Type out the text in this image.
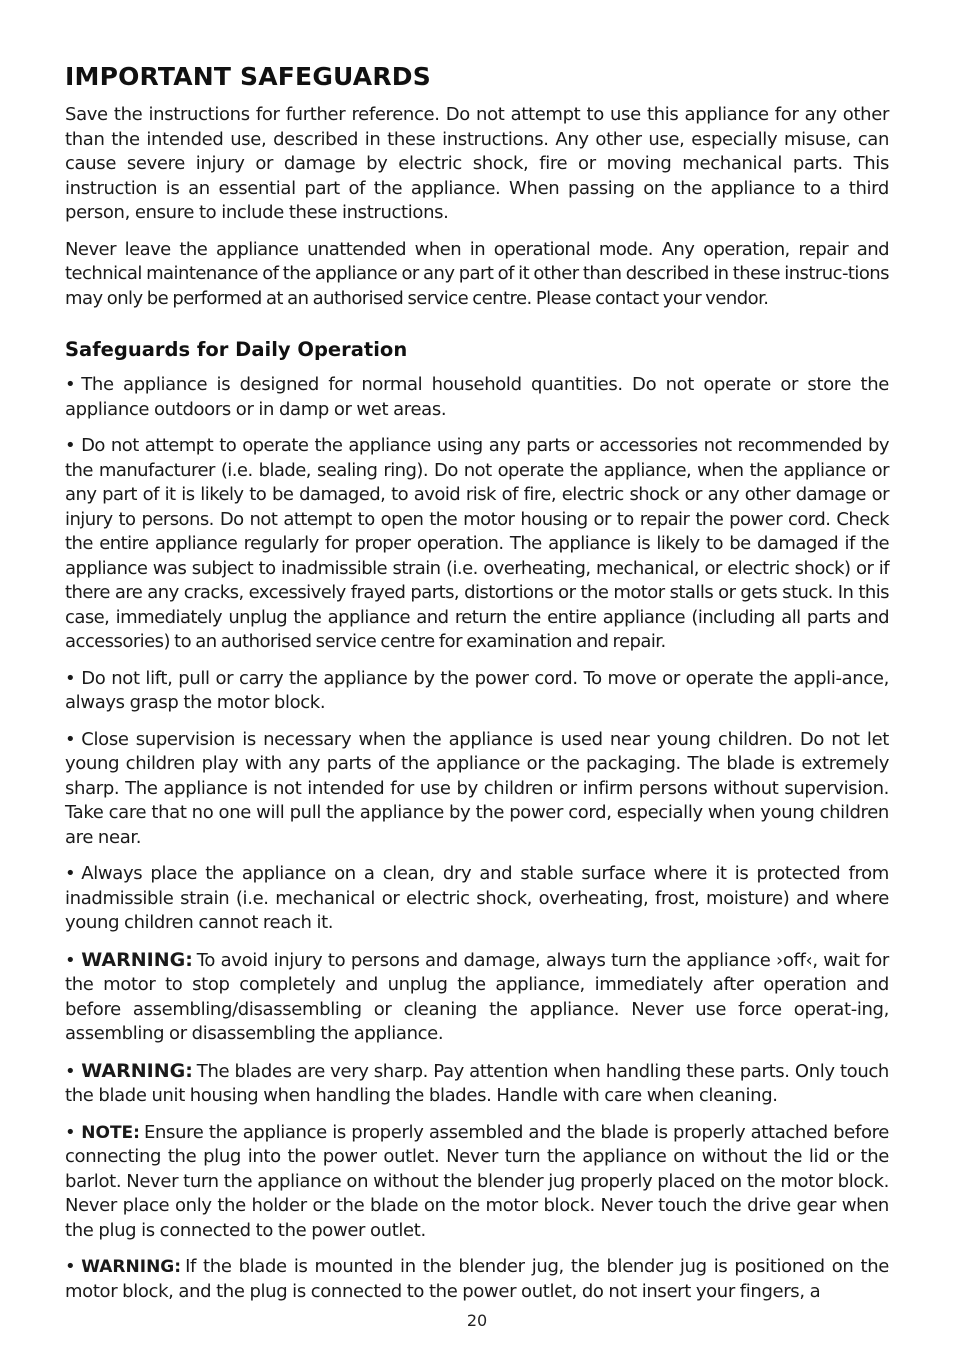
IMPORTANT SAFEGUARDS

Save the instructions for further reference. Do not attempt to use this appliance for any other than the intended use, described in these instructions. Any other use, especially misuse, can cause severe injury or damage by electric shock, fire or moving mechanical parts. This instruction is an essential part of the appliance. When passing on the appliance to a third person, ensure to include these instructions.

Never leave the appliance unattended when in operational mode. Any operation, repair and technical maintenance of the appliance or any part of it other than described in these instruc-tions may only be performed at an authorised service centre. Please contact your vendor.

Safeguards for Daily Operation

• The appliance is designed for normal household quantities. Do not operate or store the appliance outdoors or in damp or wet areas.

• Do not attempt to operate the appliance using any parts or accessories not recommended by the manufacturer (i.e. blade, sealing ring). Do not operate the appliance, when the appliance or any part of it is likely to be damaged, to avoid risk of fire, electric shock or any other damage or injury to persons. Do not attempt to open the motor housing or to repair the power cord. Check the entire appliance regularly for proper operation. The appliance is likely to be damaged if the appliance was subject to inadmissible strain (i.e. overheating, mechanical, or electric shock) or if there are any cracks, excessively frayed parts, distortions or the motor stalls or gets stuck. In this case, immediately unplug the appliance and return the entire appliance (including all parts and accessories) to an authorised service centre for examination and repair.

• Do not lift, pull or carry the appliance by the power cord. To move or operate the appli-ance, always grasp the motor block.

• Close supervision is necessary when the appliance is used near young children. Do not let young children play with any parts of the appliance or the packaging. The blade is extremely sharp. The appliance is not intended for use by children or infirm persons without supervision. Take care that no one will pull the appliance by the power cord, especially when young children are near.

• Always place the appliance on a clean, dry and stable surface where it is protected from inadmissible strain (i.e. mechanical or electric shock, overheating, frost, moisture) and where young children cannot reach it.

• WARNING: To avoid injury to persons and damage, always turn the appliance ›off‹, wait for the motor to stop completely and unplug the appliance, immediately after operation and before assembling/disassembling or cleaning the appliance. Never use force operat-ing, assembling or disassembling the appliance.

• WARNING: The blades are very sharp. Pay attention when handling these parts. Only touch the blade unit housing when handling the blades. Handle with care when cleaning.

• NOTE: Ensure the appliance is properly assembled and the blade is properly attached before connecting the plug into the power outlet. Never turn the appliance on without the lid or the barlot. Never turn the appliance on without the blender jug properly placed on the motor block. Never place only the holder or the blade on the motor block. Never touch the drive gear when the plug is connected to the power outlet.

• WARNING: If the blade is mounted in the blender jug, the blender jug is positioned on the motor block, and the plug is connected to the power outlet, do not insert your fingers, a

20
